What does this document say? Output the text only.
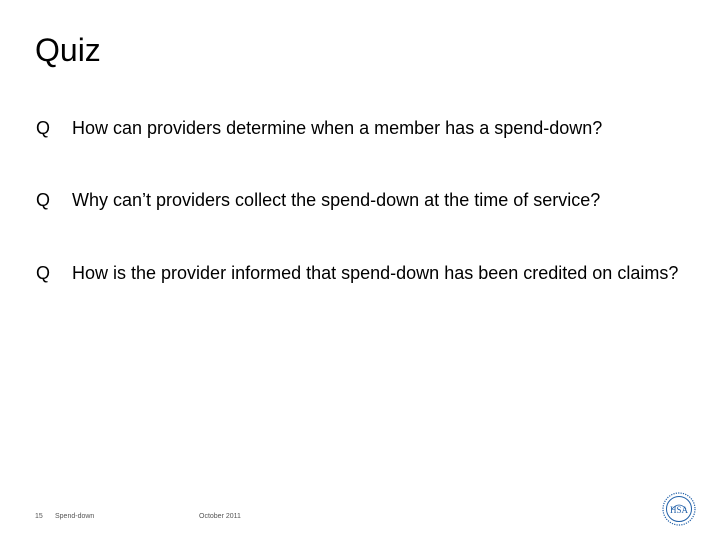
Quiz
Q	How can providers determine when a member has a spend-down?
Q	Why can’t providers collect the spend-down at the time of service?
Q	How is the provider informed that spend-down has been credited on claims?
15 Spend-down	October 2011
HSA
